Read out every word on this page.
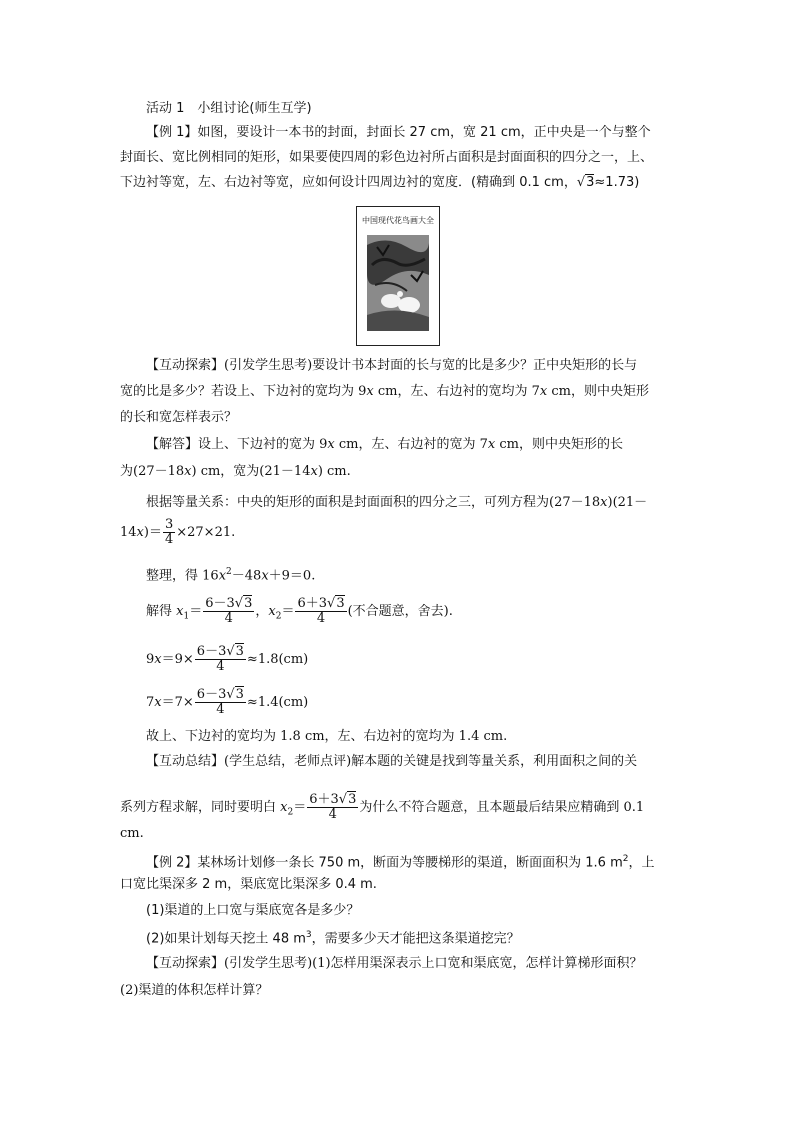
活动 1　小组讨论(师生互学)
【例 1】如图，要设计一本书的封面，封面长 27 cm，宽 21 cm，正中央是一个与整个
封面长、宽比例相同的矩形，如果要使四周的彩色边衬所占面积是封面面积的四分之一，上、
下边衬等宽，左、右边衬等宽，应如何设计四周边衬的宽度．(精确到 0.1 cm，√3≈1.73)
中国现代花鸟画大全
【互动探索】(引发学生思考)要设计书本封面的长与宽的比是多少？正中央矩形的长与
宽的比是多少？若设上、下边衬的宽均为 9x cm，左、右边衬的宽均为 7x cm，则中央矩形
的长和宽怎样表示？
【解答】设上、下边衬的宽为 9x cm，左、右边衬的宽为 7x cm，则中央矩形的长
为(27－18x) cm，宽为(21－14x) cm.
根据等量关系：中央的矩形的面积是封面面积的四分之三，可列方程为(27－18x)(21－
$14x)= \frac{3}{4} \times 27\times 21$.
整理，得 $16x^2-48x+9=0$.
解得 $x_1= \frac{6-3√3}{4}$ ，$x_2= \frac{6+3√3}{4}$ (不合题意，舍去).
$9x=9\times \frac{6-3√3}{4} \approx 1.8(cm)$
$7x=7\times \frac{6-3√3}{4} \approx 1.4(cm)$
故上、下边衬的宽均为 1.8 cm，左、右边衬的宽均为 1.4 cm.
【互动总结】(学生总结，老师点评)解本题的关键是找到等量关系，利用面积之间的关
系列方程求解，同时要明白 $x_2= \frac{6+3√3}{4}$ 为什么不符合题意，且本题最后结果应精确到 0.1
cm.
【例 2】某林场计划修一条长 750 m，断面为等腰梯形的渠道，断面面积为 1.6 $m^2$，上
口宽比渠深多 2 m，渠底宽比渠深多 0.4 m.
(1)渠道的上口宽与渠底宽各是多少？
(2)如果计划每天挖土 48 $m^3$，需要多少天才能把这条渠道挖完？
【互动探索】(引发学生思考)(1)怎样用渠深表示上口宽和渠底宽，怎样计算梯形面积？
(2)渠道的体积怎样计算？
